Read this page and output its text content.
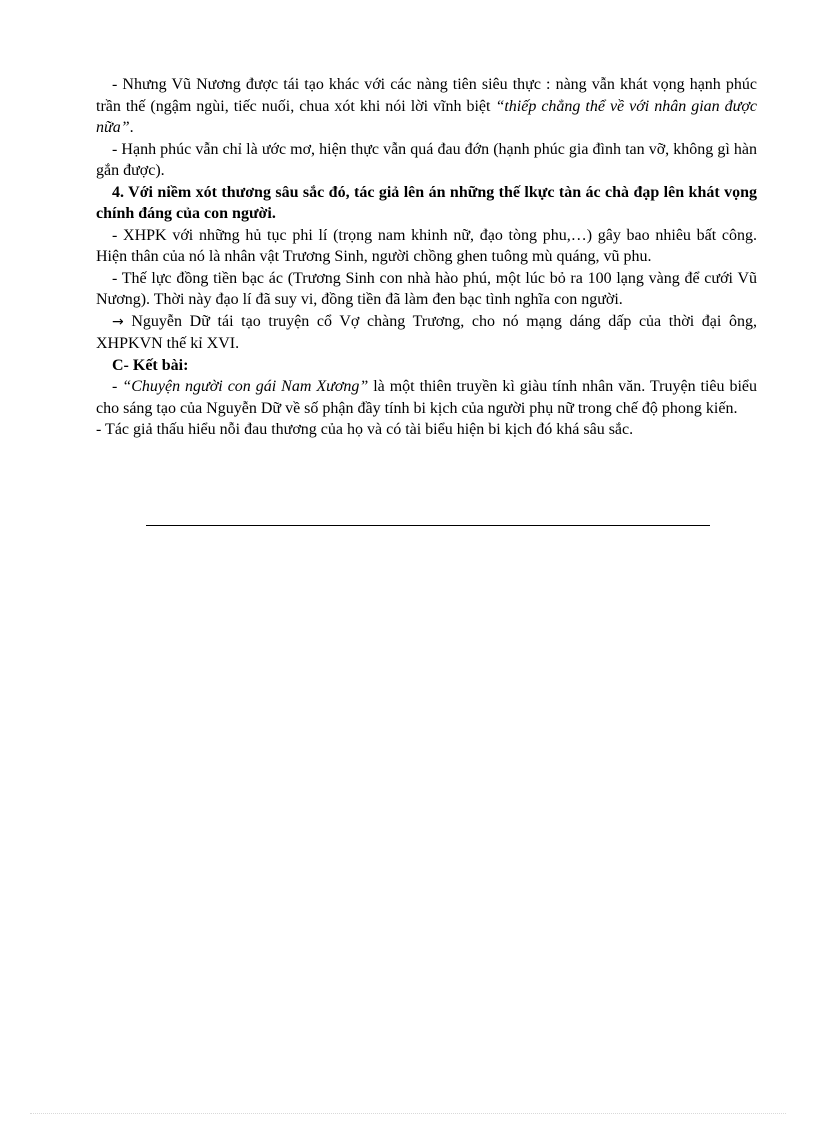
- Nhưng Vũ Nương được tái tạo khác với các nàng tiên siêu thực : nàng vẫn khát vọng hạnh phúc trần thế (ngậm ngùi, tiếc nuối, chua xót khi nói lời vĩnh biệt “thiếp chẳng thể về với nhân gian được nữa”.

- Hạnh phúc vẫn chỉ là ước mơ, hiện thực vẫn quá đau đớn (hạnh phúc gia đình tan vỡ, không gì hàn gắn được).

4. Với niềm xót thương sâu sắc đó, tác giả lên án những thế lkực tàn ác chà đạp lên khát vọng chính đáng của con người.

- XHPK với những hủ tục phi lí (trọng nam khinh nữ, đạo tòng phu,…) gây bao nhiêu bất công. Hiện thân của nó là nhân vật Trương Sinh, người chồng ghen tuông mù quáng, vũ phu.

- Thế lực đồng tiền bạc ác (Trương Sinh con nhà hào phú, một lúc bỏ ra 100 lạng vàng để cưới Vũ Nương). Thời này đạo lí đã suy vi, đồng tiền đã làm đen bạc tình nghĩa con người.

→ Nguyễn Dữ tái tạo truyện cổ Vợ chàng Trương, cho nó mạng dáng dấp của thời đại ông, XHPKVN thế kỉ XVI.

C- Kết bài:

- “Chuyện người con gái Nam Xương” là một thiên truyền kì giàu tính nhân văn. Truyện tiêu biểu cho sáng tạo của Nguyễn Dữ về số phận đầy tính bi kịch của người phụ nữ trong chế độ phong kiến.

- Tác giả thấu hiểu nỗi đau thương của họ và có tài biểu hiện bi kịch đó khá sâu sắc.
